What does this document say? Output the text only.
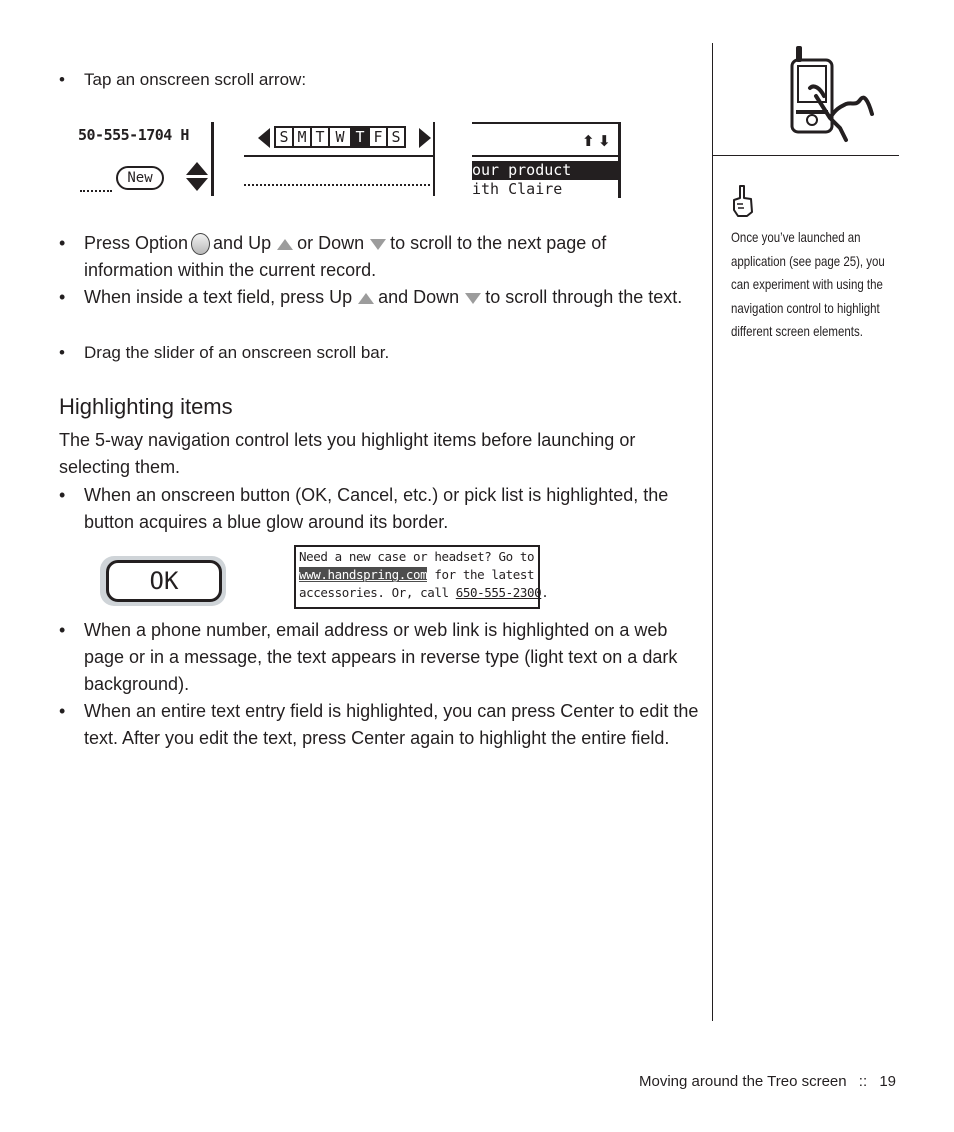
Once you’ve launched an application (see page 25), you can experiment with using the navigation control to highlight different screen elements.
•	Tap an onscreen scroll arrow:
50-555-1704 H
New
S M T W T F S	⬆ ⬇
our product
ith Claire
•	Press Option and Up or Down to scroll to the next page of information within the current record.
•	When inside a text field, press Up and Down to scroll through the text.
•	Drag the slider of an onscreen scroll bar.
Highlighting items
The 5-way navigation control lets you highlight items before launching or selecting them.
•	When an onscreen button (OK, Cancel, etc.) or pick list is highlighted, the button acquires a blue glow around its border.
OK
Need a new case or headset? Go to
www.handspring.com for the latest
accessories. Or, call 650-555-2300.
•	When a phone number, email address or web link is highlighted on a web page or in a message, the text appears in reverse type (light text on a dark background).
•	When an entire text entry field is highlighted, you can press Center to edit the text. After you edit the text, press Center again to highlight the entire field.
Moving around the Treo screen :: 19
